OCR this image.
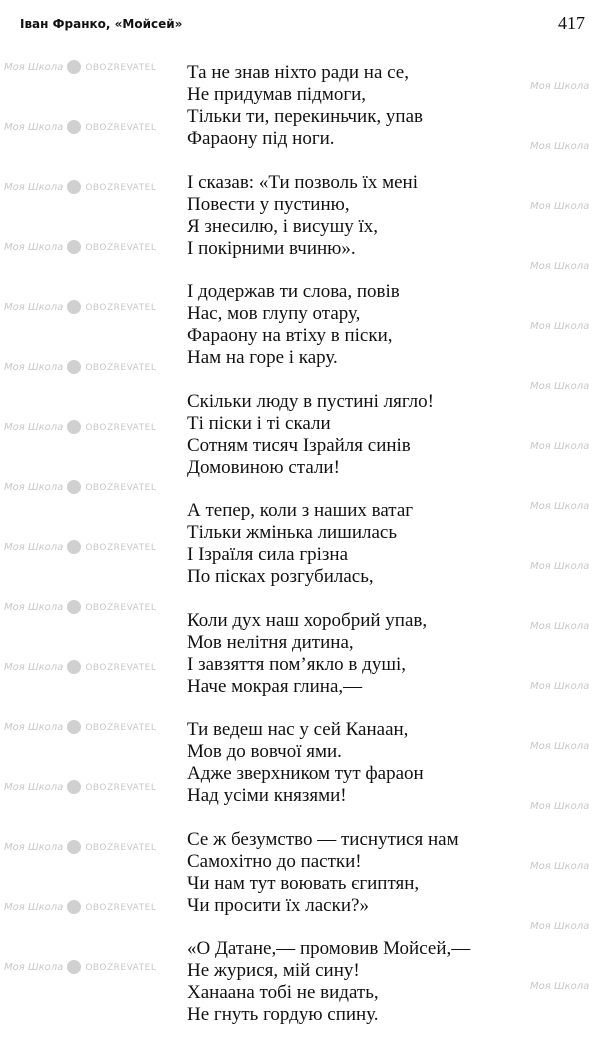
Моя Школа OBOZREVATEL
Моя Школа
Моя Школа OBOZREVATEL
Моя Школа
Моя Школа OBOZREVATEL
Моя Школа
Моя Школа OBOZREVATEL
Моя Школа
Моя Школа OBOZREVATEL
Моя Школа
Моя Школа OBOZREVATEL
Моя Школа
Моя Школа OBOZREVATEL
Моя Школа
Моя Школа OBOZREVATEL
Моя Школа
Моя Школа OBOZREVATEL
Моя Школа
Моя Школа OBOZREVATEL
Моя Школа
Моя Школа OBOZREVATEL
Моя Школа
Моя Школа OBOZREVATEL
Моя Школа
Моя Школа OBOZREVATEL
Моя Школа
Моя Школа OBOZREVATEL
Моя Школа
Моя Школа OBOZREVATEL
Моя Школа
Моя Школа OBOZREVATEL
Моя Школа
Іван Франко, «Мойсей»	417
Та не знав ніхто ради на се,
Не придумав підмоги,
Тільки ти, перекиньчик, упав
Фараону під ноги.
І сказав: «Ти позволь їх мені
Повести у пустиню,
Я знесилю, і висушу їх,
І покірними вчиню».
І додержав ти слова, повів
Нас, мов глупу отару,
Фараону на втіху в піски,
Нам на горе і кару.
Скільки люду в пустині лягло!
Ті піски і ті скали
Сотням тисяч Ізрайля синів
Домовиною стали!
А тепер, коли з наших ватаг
Тільки жмінька лишилась
І Ізраїля сила грізна
По пісках розгубилась,
Коли дух наш хоробрий упав,
Мов нелітня дитина,
І завзяття пом’якло в душі,
Наче мокрая глина,—
Ти ведеш нас у сей Канаан,
Мов до вовчої ями.
Адже зверхником тут фараон
Над усіми князями!
Се ж безумство — тиснутися нам
Самохітно до пастки!
Чи нам тут воювать єгиптян,
Чи просити їх ласки?»
«О Датане,— промовив Мойсей,—
Не журися, мій сину!
Ханаана тобі не видать,
Не гнуть гордую спину.
